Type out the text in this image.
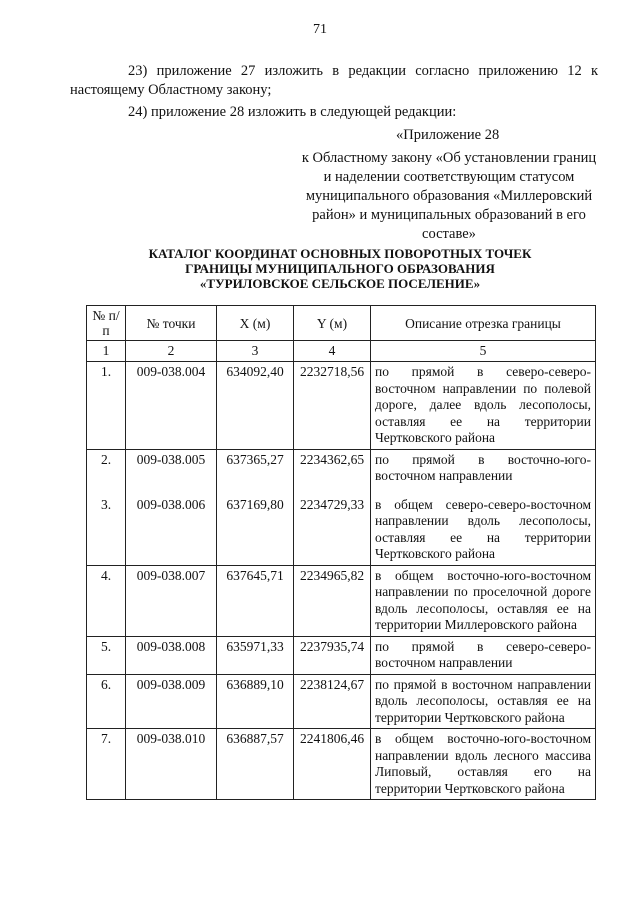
71
23) приложение 27 изложить в редакции согласно приложению 12 к настоящему Областному закону;
24) приложение 28 изложить в следующей редакции:
«Приложение 28
к Областному закону «Об установлении границ и наделении соответствующим статусом муниципального образования «Миллеровский район» и муниципальных образований в его составе»
КАТАЛОГ КООРДИНАТ ОСНОВНЫХ ПОВОРОТНЫХ ТОЧЕК
ГРАНИЦЫ МУНИЦИПАЛЬНОГО ОБРАЗОВАНИЯ
«ТУРИЛОВСКОЕ СЕЛЬСКОЕ ПОСЕЛЕНИЕ»
№ п/п	№ точки	X (м)	Y (м)	Описание отрезка границы
1	2	3	4	5
1.	009-038.004	634092,40	2232718,56	по прямой в северо-северо-восточном направлении по полевой дороге, далее вдоль лесополосы, оставляя ее на территории Чертковского района
2.	009-038.005	637365,27	2234362,65	по прямой в восточно-юго-восточном направлении
3.	009-038.006	637169,80	2234729,33	в общем северо-северо-восточном направлении вдоль лесополосы, оставляя ее на территории Чертковского района
4.	009-038.007	637645,71	2234965,82	в общем восточно-юго-восточном направлении по проселочной дороге вдоль лесополосы, оставляя ее на территории Миллеровского района
5.	009-038.008	635971,33	2237935,74	по прямой в северо-северо-восточном направлении
6.	009-038.009	636889,10	2238124,67	по прямой в восточном направлении вдоль лесополосы, оставляя ее на территории Чертковского района
7.	009-038.010	636887,57	2241806,46	в общем восточно-юго-восточном направлении вдоль лесного массива Липовый, оставляя его на территории Чертковского района
